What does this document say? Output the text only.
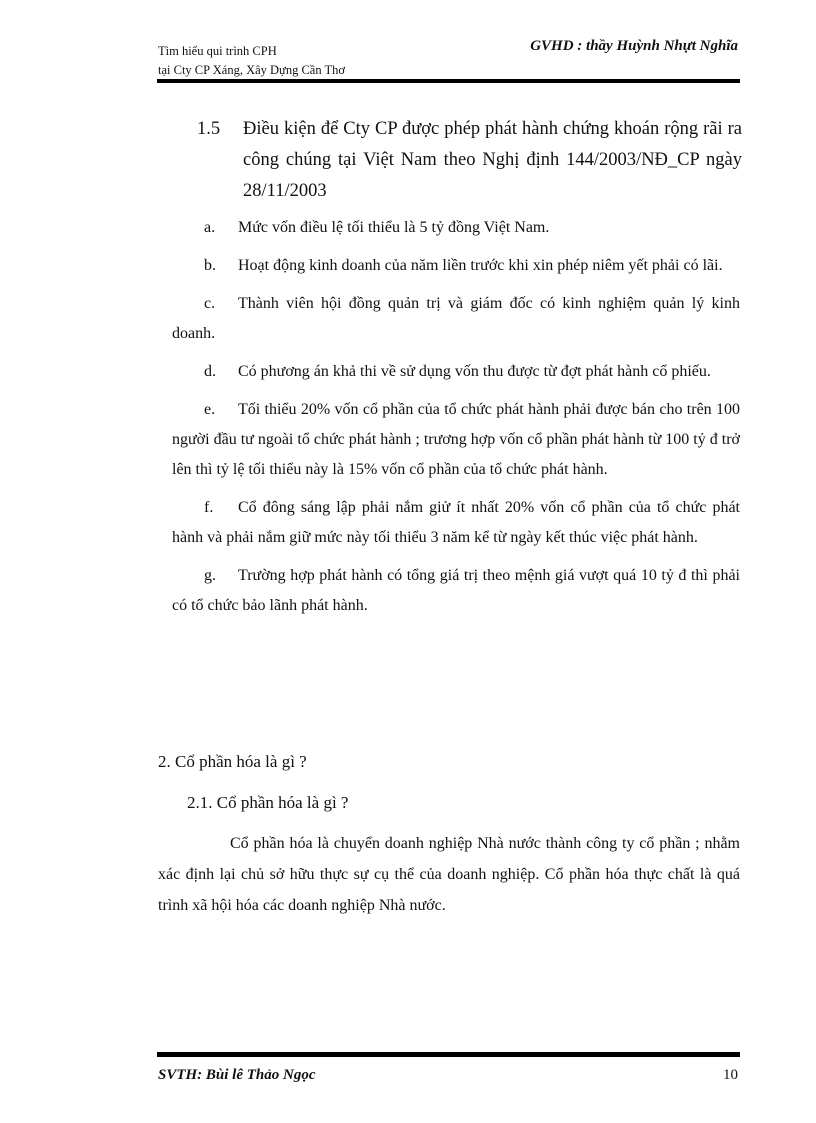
Tìm hiểu qui trình CPH
tại Cty CP Xáng, Xây Dựng Cần Thơ
GVHD : thầy Huỳnh Nhựt Nghĩa
1.5 Điều kiện để Cty CP được phép phát hành chứng khoán rộng rãi ra công chúng tại Việt Nam theo Nghị định 144/2003/NĐ_CP ngày 28/11/2003
a. Mức vốn điều lệ tối thiểu là 5 tỷ đồng Việt Nam.
b. Hoạt động kinh doanh của năm liền trước khi xin phép niêm yết phải có lãi.
c. Thành viên hội đồng quản trị và giám đốc có kinh nghiệm quản lý kinh doanh.
d. Có phương án khả thi về sử dụng vốn thu được từ đợt phát hành cổ phiếu.
e. Tối thiểu 20% vốn cổ phần của tổ chức phát hành phải được bán cho trên 100 người đầu tư ngoài tổ chức phát hành ; trương hợp vốn cổ phần phát hành từ 100 tỷ đ trở lên thì tỷ lệ tối thiểu này là 15% vốn cổ phần của tổ chức phát hành.
f. Cổ đông sáng lập phải nắm giử ít nhất 20% vốn cổ phần của tổ chức phát hành và phải nắm giữ mức này tối thiểu 3 năm kể từ ngày kết thúc việc phát hành.
g. Trường hợp phát hành có tổng giá trị theo mệnh giá vượt quá 10 tỷ đ thì phải có tổ chức bảo lãnh phát hành.
2. Cổ phần hóa là gì ?
2.1. Cổ phần hóa là gì ?
Cổ phần hóa là chuyển doanh nghiệp Nhà nước thành công ty cổ phần ; nhằm xác định lại chủ sở hữu thực sự cụ thể của doanh nghiệp. Cổ phần hóa thực chất là quá trình xã hội hóa các doanh nghiệp Nhà nước.
SVTH: Bùi lê Thảo Ngọc	10
